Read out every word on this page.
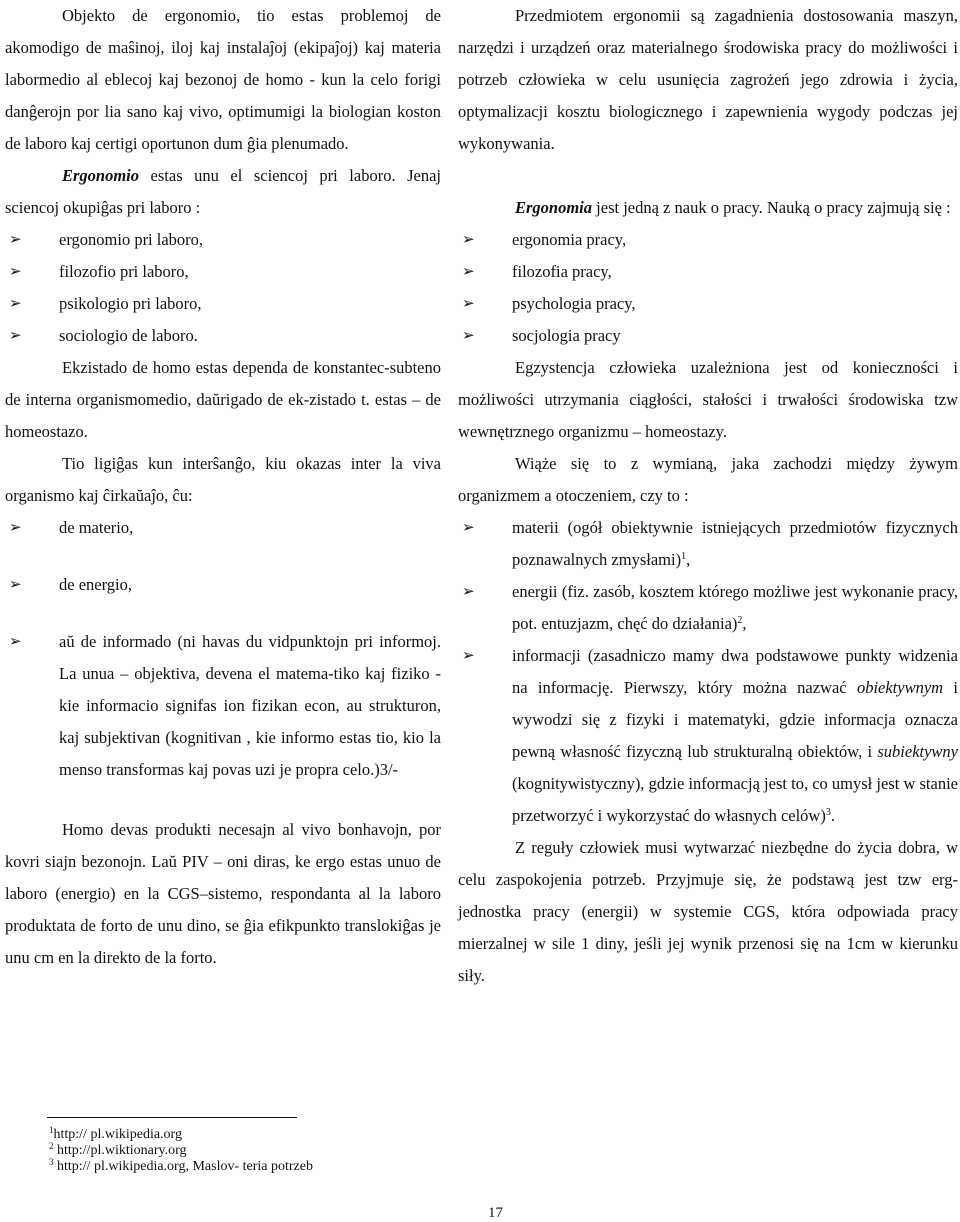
Objekto de ergonomio, tio estas problemoj de akomodigo de maŝinoj, iloj kaj instalaĵoj (ekipaĵoj) kaj materia labormedio al eblecoj kaj bezonoj de homo - kun la celo forigi danĝerojn por lia sano kaj vivo, optimumigi la biologian koston de laboro kaj certigi oportunon dum ĝia plenumado.

Ergonomio estas unu el sciencoj pri laboro. Jenaj sciencoj okupiĝas pri laboro :

➢	ergonomio pri laboro,
➢	filozofio pri laboro,
➢	psikologio pri laboro,
➢	sociologio de laboro.

Ekzistado de homo estas dependa de konstantec-subteno de interna organismomedio, daŭrigado de ek-zistado t. estas – de homeostazo.

Tio ligiĝas kun interŝanĝo, kiu okazas inter la viva organismo kaj ĉirkaŭaĵo, ĉu:

➢	de materio,
➢	de energio,
➢	aŭ de informado (ni havas du vidpunktojn pri informoj. La unua – objektiva, devena el matema-tiko kaj fiziko - kie informacio signifas ion fizikan econ, au strukturon, kaj subjektivan (kognitivan , kie informo estas tio, kio la menso transformas kaj povas uzi je propra celo.)3/-

Homo devas produkti necesajn al vivo bonhavojn, por kovri siajn bezonojn. Laŭ PIV – oni diras, ke ergo estas unuo de laboro (energio) en la CGS–sistemo, respondanta al la laboro produktata de forto de unu dino, se ĝia efikpunkto translokiĝas je unu cm en la direkto de la forto.

Przedmiotem ergonomii są zagadnienia dostosowania maszyn, narzędzi i urządzeń oraz materialnego środowiska pracy do możliwości i potrzeb człowieka w celu usunięcia zagrożeń jego zdrowia i życia, optymalizacji kosztu biologicznego i zapewnienia wygody podczas jej wykonywania.

Ergonomia jest jedną z nauk o pracy. Nauką o pracy zajmują się :

➢	ergonomia pracy,
➢	filozofia pracy,
➢	psychologia pracy,
➢	socjologia pracy

Egzystencja człowieka uzależniona jest od konieczności i możliwości utrzymania ciągłości, stałości i trwałości środowiska tzw wewnętrznego organizmu – homeostazy.

Wiąże się to z wymianą, jaka zachodzi między żywym organizmem a otoczeniem, czy to :

➢	materii (ogół obiektywnie istniejących przedmiotów fizycznych poznawalnych zmysłami)$^1$,
➢	energii (fiz. zasób, kosztem którego możliwe jest wykonanie pracy, pot. entuzjazm, chęć do działania)$^2$,
➢	informacji (zasadniczo mamy dwa podstawowe punkty widzenia na informację. Pierwszy, który można nazwać obiektywnym i wywodzi się z fizyki i matematyki, gdzie informacja oznacza pewną własność fizyczną lub strukturalną obiektów, i subiektywny (kognitywistyczny), gdzie informacją jest to, co umysł jest w stanie przetworzyć i wykorzystać do własnych celów)$^3$.

Z reguły człowiek musi wytwarzać niezbędne do życia dobra, w celu zaspokojenia potrzeb. Przyjmuje się, że podstawą jest tzw erg-jednostka pracy (energii) w systemie CGS, która odpowiada pracy mierzalnej w sile 1 diny, jeśli jej wynik przenosi się na 1cm w kierunku siły.

$^1$http:// pl.wikipedia.org
$^2$ http://pl.wiktionary.org
$^3$ http:// pl.wikipedia.org, Maslov- teria potrzeb
17
